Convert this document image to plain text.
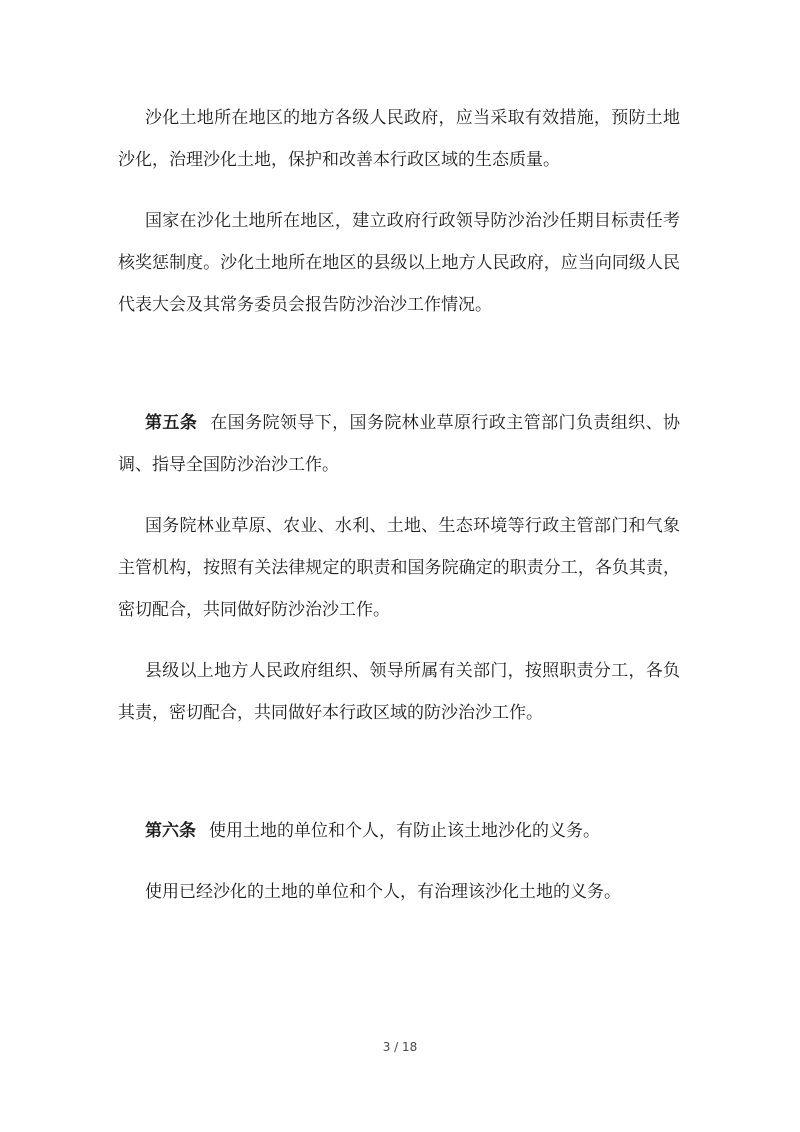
沙化土地所在地区的地方各级人民政府，应当采取有效措施，预防土地沙化，治理沙化土地，保护和改善本行政区域的生态质量。

国家在沙化土地所在地区，建立政府行政领导防沙治沙任期目标责任考核奖惩制度。沙化土地所在地区的县级以上地方人民政府，应当向同级人民代表大会及其常务委员会报告防沙治沙工作情况。

第五条 在国务院领导下，国务院林业草原行政主管部门负责组织、协调、指导全国防沙治沙工作。

国务院林业草原、农业、水利、土地、生态环境等行政主管部门和气象主管机构，按照有关法律规定的职责和国务院确定的职责分工，各负其责，密切配合，共同做好防沙治沙工作。

县级以上地方人民政府组织、领导所属有关部门，按照职责分工，各负其责，密切配合，共同做好本行政区域的防沙治沙工作。

第六条 使用土地的单位和个人，有防止该土地沙化的义务。

使用已经沙化的土地的单位和个人，有治理该沙化土地的义务。

3 / 18
